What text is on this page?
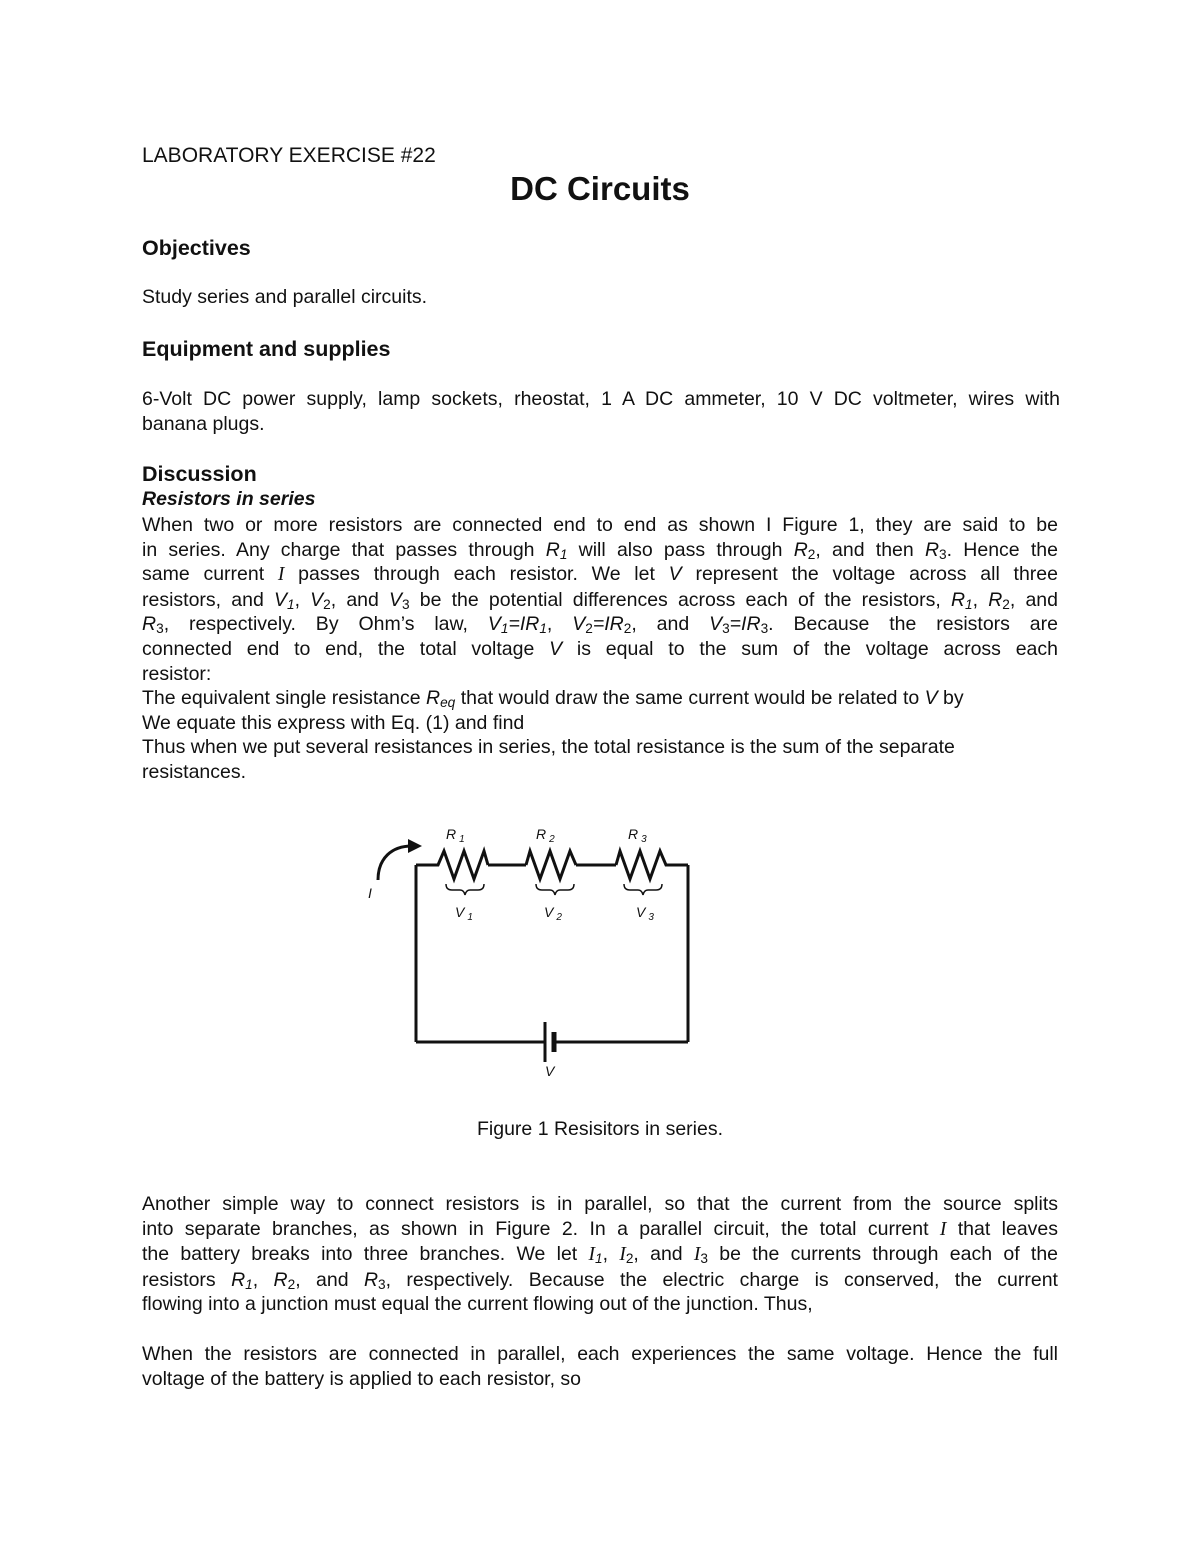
LABORATORY EXERCISE #22
DC Circuits
Objectives

Study series and parallel circuits.

Equipment and supplies

6-Volt DC power supply, lamp sockets, rheostat, 1 A DC ammeter, 10 V DC voltmeter, wires with
banana plugs.

Discussion
Resistors in series
When two or more resistors are connected end to end as shown I Figure 1, they are said to be
in series. Any charge that passes through $R_1$ will also pass through $R_2$, and then $R_3$. Hence the
same current I passes through each resistor. We let V represent the voltage across all three
resistors, and $V_1$, $V_2$, and $V_3$ be the potential differences across each of the resistors, $R_1$, $R_2$, and
$R_3$, respectively. By Ohm’s law, $V_1=IR_1$, $V_2=IR_2$, and $V_3=IR_3$. Because the resistors are
connected end to end, the total voltage V is equal to the sum of the voltage across each
resistor:
The equivalent single resistance $R_{eq}$ that would draw the same current would be related to V by
We equate this express with Eq. (1) and find
Thus when we put several resistances in series, the total resistance is the sum of the separate
resistances.
R $_1$	R $_2$	R $_3$
V $_1$	V $_2$	V $_3$
I
V
Figure 1 Resisitors in series.
Another simple way to connect resistors is in parallel, so that the current from the source splits
into separate branches, as shown in Figure 2. In a parallel circuit, the total current I that leaves
the battery breaks into three branches. We let $I_1$, $I_2$, and $I_3$ be the currents through each of the
resistors $R_1$, $R_2$, and $R_3$, respectively. Because the electric charge is conserved, the current
flowing into a junction must equal the current flowing out of the junction. Thus,
When the resistors are connected in parallel, each experiences the same voltage. Hence the full
voltage of the battery is applied to each resistor, so
